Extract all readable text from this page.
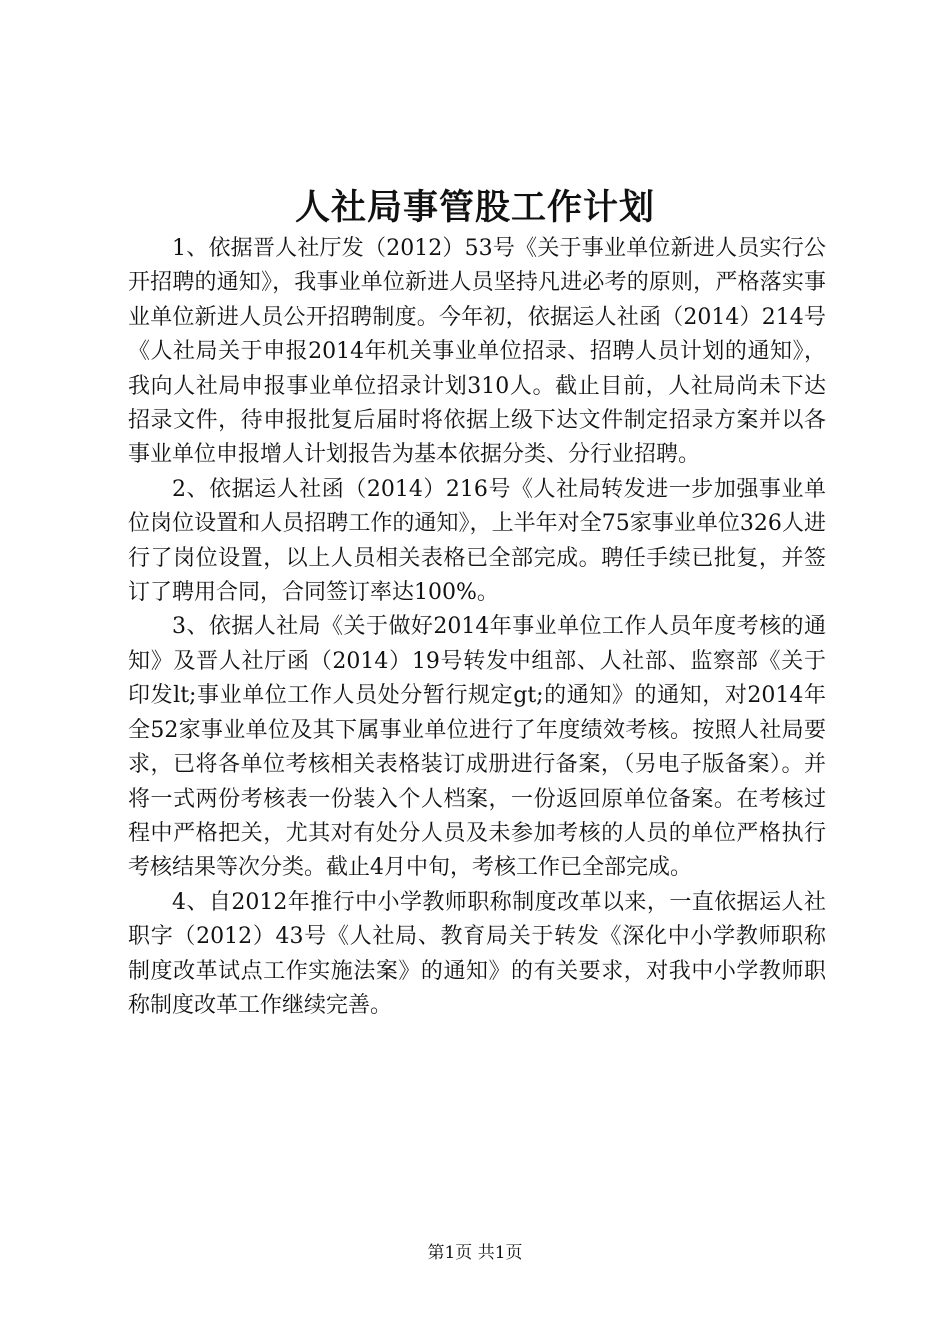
人社局事管股工作计划

1、依据晋人社厅发（2012）53号《关于事业单位新进人员实行公开招聘的通知》，我事业单位新进人员坚持凡进必考的原则，严格落实事业单位新进人员公开招聘制度。今年初，依据运人社函（2014）214号《人社局关于申报2014年机关事业单位招录、招聘人员计划的通知》，我向人社局申报事业单位招录计划310人。截止目前，人社局尚未下达招录文件，待申报批复后届时将依据上级下达文件制定招录方案并以各事业单位申报增人计划报告为基本依据分类、分行业招聘。

2、依据运人社函（2014）216号《人社局转发进一步加强事业单位岗位设置和人员招聘工作的通知》，上半年对全75家事业单位326人进行了岗位设置，以上人员相关表格已全部完成。聘任手续已批复，并签订了聘用合同，合同签订率达100%。

3、依据人社局《关于做好2014年事业单位工作人员年度考核的通知》及晋人社厅函（2014）19号转发中组部、人社部、监察部《关于印发lt;事业单位工作人员处分暂行规定gt;的通知》的通知，对2014年全52家事业单位及其下属事业单位进行了年度绩效考核。按照人社局要求，已将各单位考核相关表格装订成册进行备案，（另电子版备案）。并将一式两份考核表一份装入个人档案，一份返回原单位备案。在考核过程中严格把关，尤其对有处分人员及未参加考核的人员的单位严格执行考核结果等次分类。截止4月中旬，考核工作已全部完成。

4、自2012年推行中小学教师职称制度改革以来，一直依据运人社职字（2012）43号《人社局、教育局关于转发《深化中小学教师职称制度改革试点工作实施法案》的通知》的有关要求，对我中小学教师职称制度改革工作继续完善。

第1页 共1页
